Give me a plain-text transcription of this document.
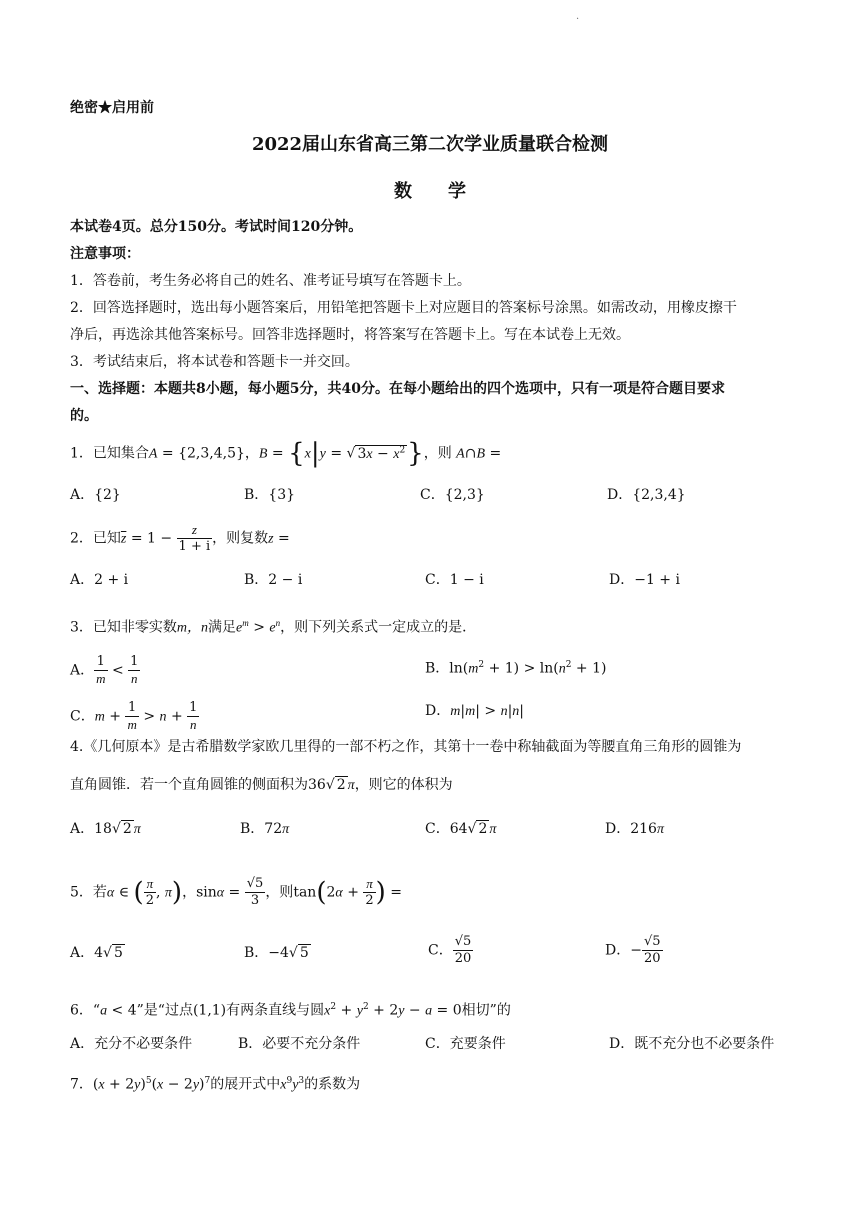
·
绝密★启用前
2022届山东省高三第二次学业质量联合检测
数　　学
本试卷4页。总分150分。考试时间120分钟。
注意事项：
1．答卷前，考生务必将自己的姓名、准考证号填写在答题卡上。
2．回答选择题时，选出每小题答案后，用铅笔把答题卡上对应题目的答案标号涂黑。如需改动，用橡皮擦干
净后，再选涂其他答案标号。回答非选择题时，将答案写在答题卡上。写在本试卷上无效。
3．考试结束后，将本试卷和答题卡一并交回。
一、选择题：本题共8小题，每小题5分，共40分。在每小题给出的四个选项中，只有一项是符合题目要求
的。
1．已知集合A = {2,3,4,5}，B = {x|y = √ $3x - x^2$}，则 A∩B =
A．{2}	B．{3}	C．{2,3}	D．{2,3,4}
2．已知$\overline{z} = 1 - \frac{z}{1 + i}$ ，则复数z =
A．2 + i	B．2 − i	C．1 − i	D．−1 + i
3．已知非零实数m，n满足$e^m > e^n$，则下列关系式一定成立的是．
A． $\frac{1}{m} < \frac{1}{n}$	B．$\ln(m^2 + 1) > \ln(n^2 + 1)$
C．$m + \frac{1}{m} > n + \frac{1}{n}$	D．m|m| > n|n|
4.《几何原本》是古希腊数学家欧几里得的一部不朽之作，其第十一卷中称轴截面为等腰直角三角形的圆锥为
直角圆锥．若一个直角圆锥的侧面积为36√ 2 π，则它的体积为
A．18√ 2 π	B．72π	C．64√ 2 π	D．216π
5．若α ∈ ( $\frac{\pi}{2}$ , π)，$\sin\alpha = \frac{√5}{3}$ ，则$\tan(2\alpha + \frac{\pi}{2}$ ) =
A．4√ 5	B．−4√ 5	C． $\frac{√5}{20}$	D．− $\frac{√5}{20}$
6．“a < 4”是“过点(1,1)有两条直线与圆$x^2 + y^2 + 2y - a = 0$相切”的
A．充分不必要条件	B．必要不充分条件	C．充要条件	D．既不充分也不必要条件
7．$(x + 2y)^5(x - 2y)^7$的展开式中$x^9y^3$的系数为
